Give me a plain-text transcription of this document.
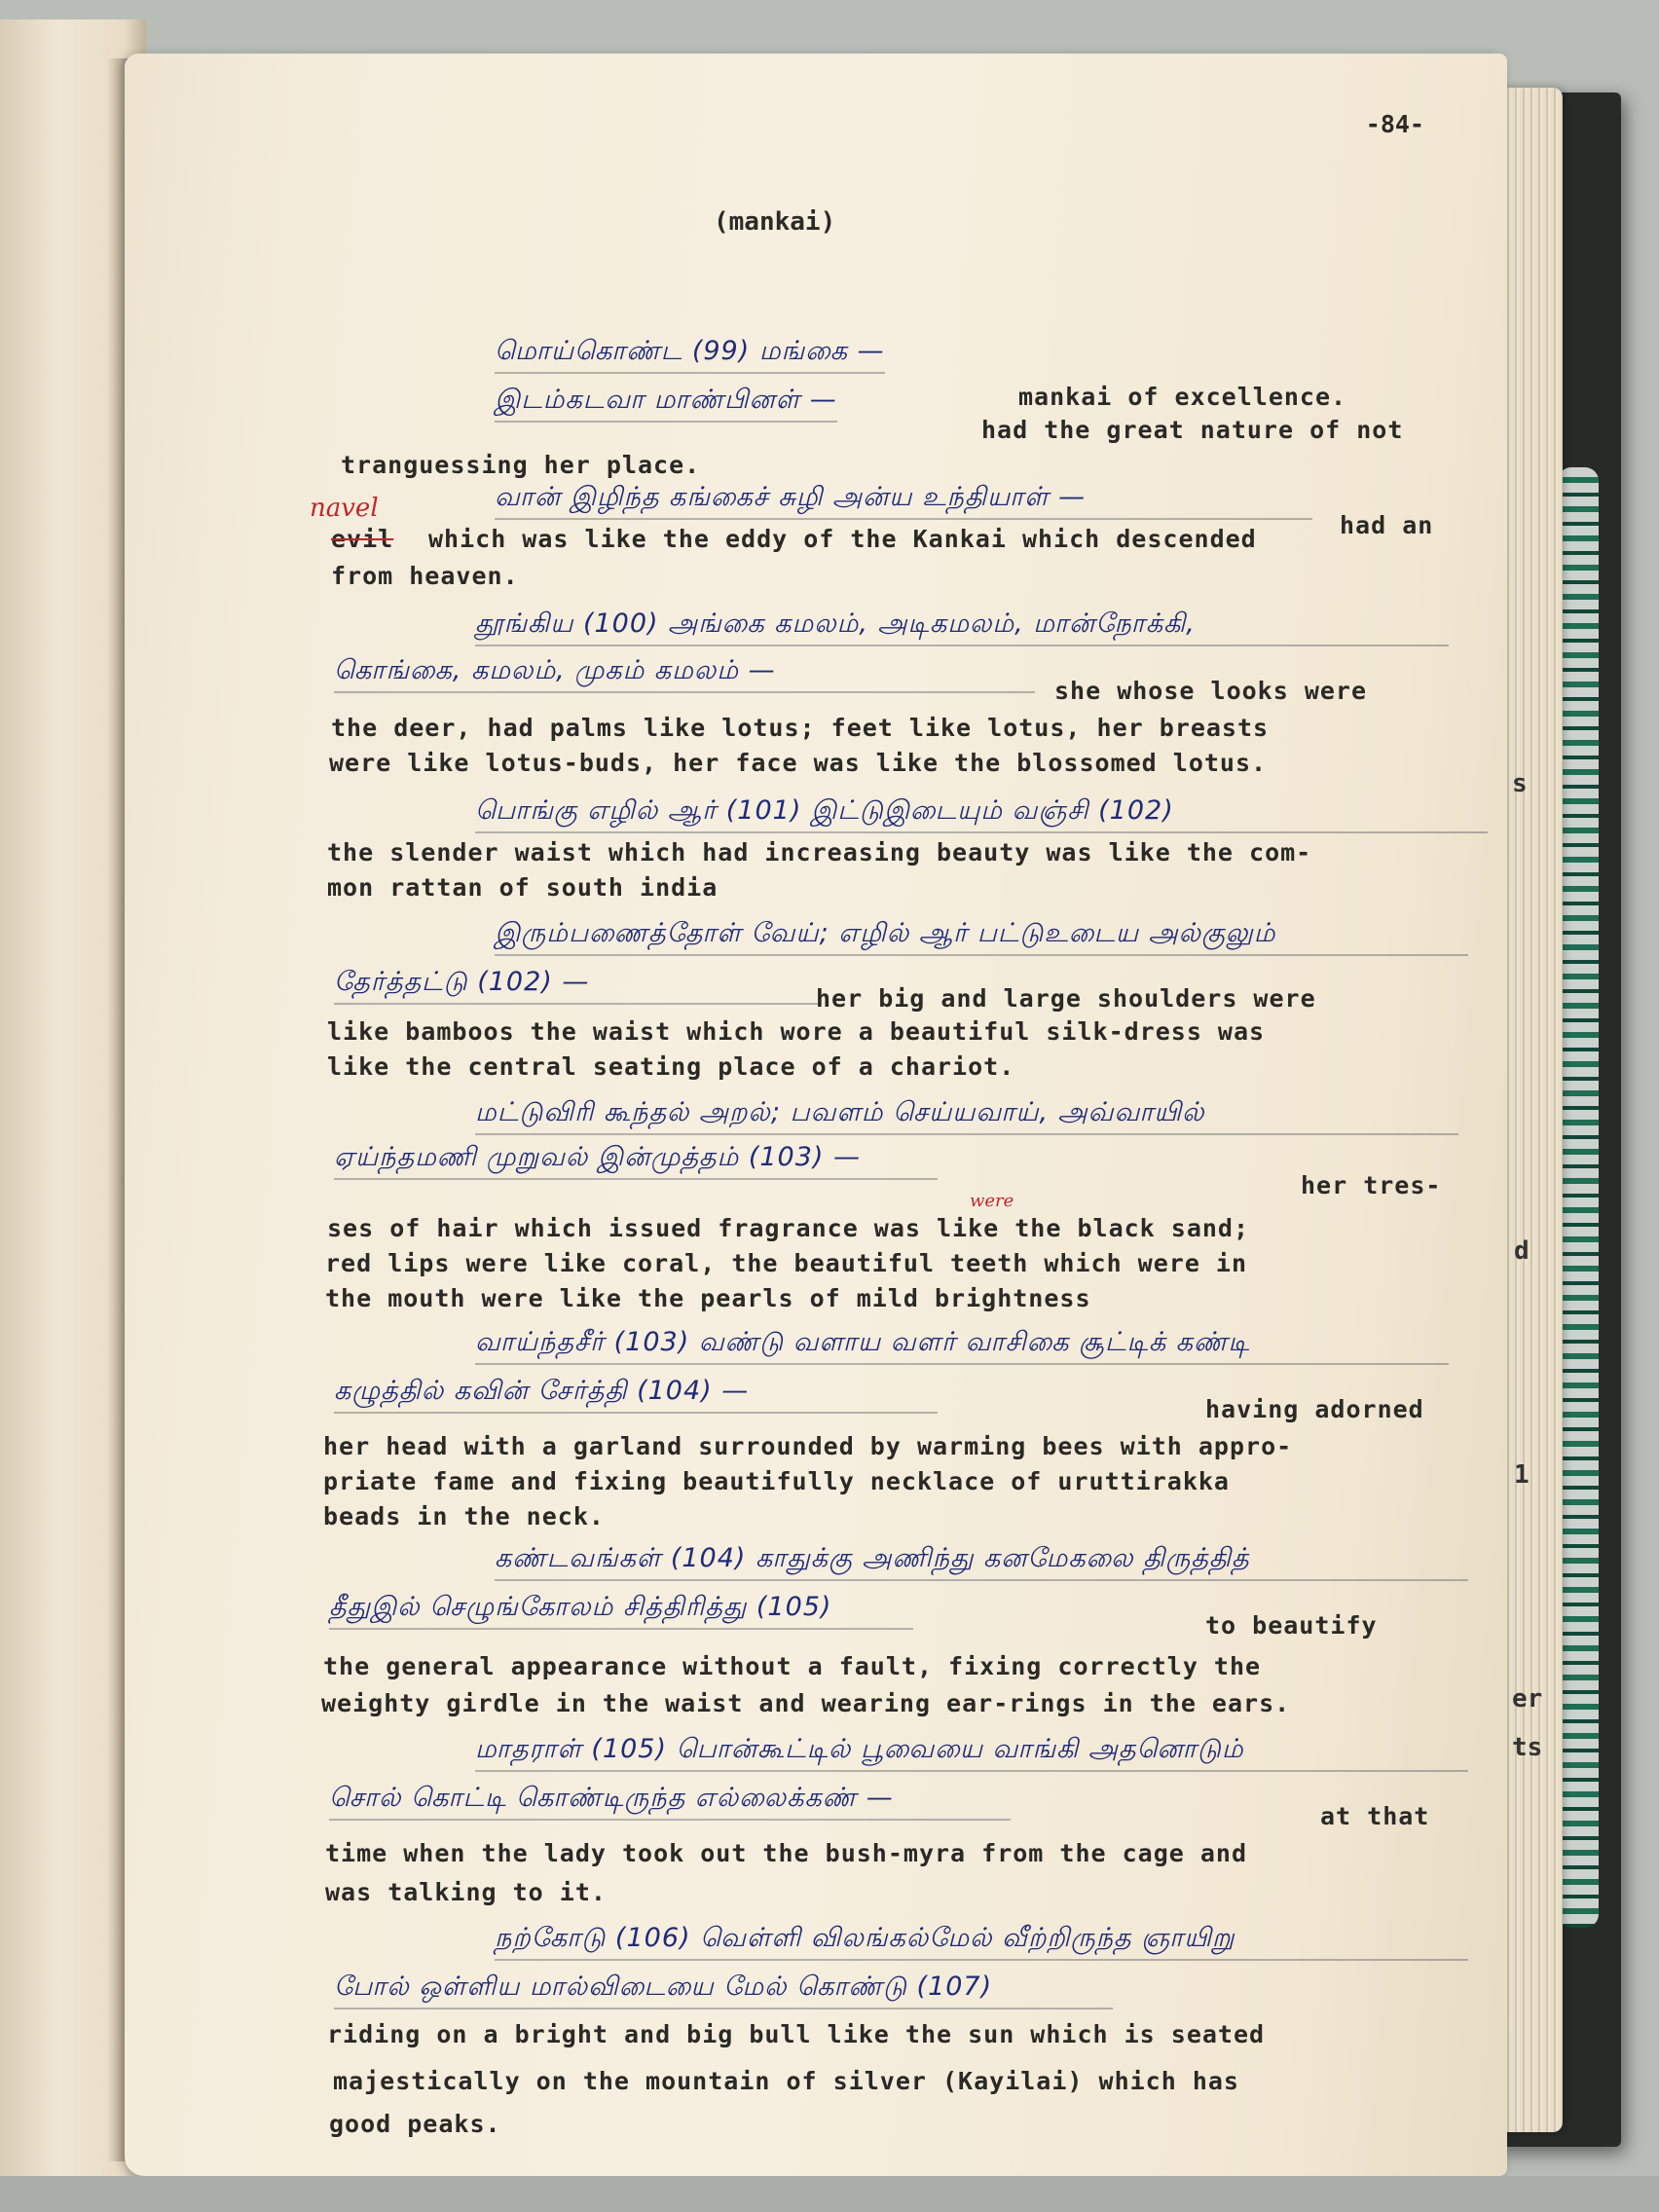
s
d
1
er
ts
-84-
(mankai)
மொய்கொண்ட (99) மங்கை —
mankai of excellence.
இடம்கடவா மாண்பினள் —
had the great nature of not
tranguessing her place.
வான் இழிந்த கங்கைச் சுழி அன்ய உந்தியாள் —
had an
navel
evil which was like the eddy of the Kankai which descended
from heaven.
தூங்கிய (100) அங்கை கமலம், அடிகமலம், மான்நோக்கி,
கொங்கை, கமலம், முகம் கமலம் —
she whose looks were
the deer, had palms like lotus; feet like lotus, her breasts
were like lotus-buds, her face was like the blossomed lotus.
பொங்கு எழில் ஆர் (101) இட்டுஇடையும் வஞ்சி (102)
the slender waist which had increasing beauty was like the com-
mon rattan of south india
இரும்பணைத்தோள் வேய்; எழில் ஆர் பட்டுஉடைய அல்குலும்
தேர்த்தட்டு (102) —
her big and large shoulders were
like bamboos the waist which wore a beautiful silk-dress was
like the central seating place of a chariot.
மட்டுவிரி கூந்தல் அறல்; பவளம் செய்யவாய், அவ்வாயில்
ஏய்ந்தமணி முறுவல் இன்முத்தம் (103) —
her tres-
were
ses of hair which issued fragrance was like the black sand;
red lips were like coral, the beautiful teeth which were in
the mouth were like the pearls of mild brightness
வாய்ந்தசீர் (103) வண்டு வளாய வளர் வாசிகை சூட்டிக் கண்டி
கழுத்தில் கவின் சேர்த்தி (104) —
having adorned
her head with a garland surrounded by warming bees with appro-
priate fame and fixing beautifully necklace of uruttirakka
beads in the neck.
கண்டவங்கள் (104) காதுக்கு அணிந்து கனமேகலை திருத்தித்
தீதுஇல் செழுங்கோலம் சித்திரித்து (105)
to beautify
the general appearance without a fault, fixing correctly the
weighty girdle in the waist and wearing ear-rings in the ears.
மாதராள் (105) பொன்கூட்டில் பூவையை வாங்கி அதனொடும்
சொல் கொட்டி கொண்டிருந்த எல்லைக்கண் —
at that
time when the lady took out the bush-myra from the cage and
was talking to it.
நற்கோடு (106) வெள்ளி விலங்கல்மேல் வீற்றிருந்த ஞாயிறு
போல் ஒள்ளிய மால்விடையை மேல் கொண்டு (107)
riding on a bright and big bull like the sun which is seated
majestically on the mountain of silver (Kayilai) which has
good peaks.
